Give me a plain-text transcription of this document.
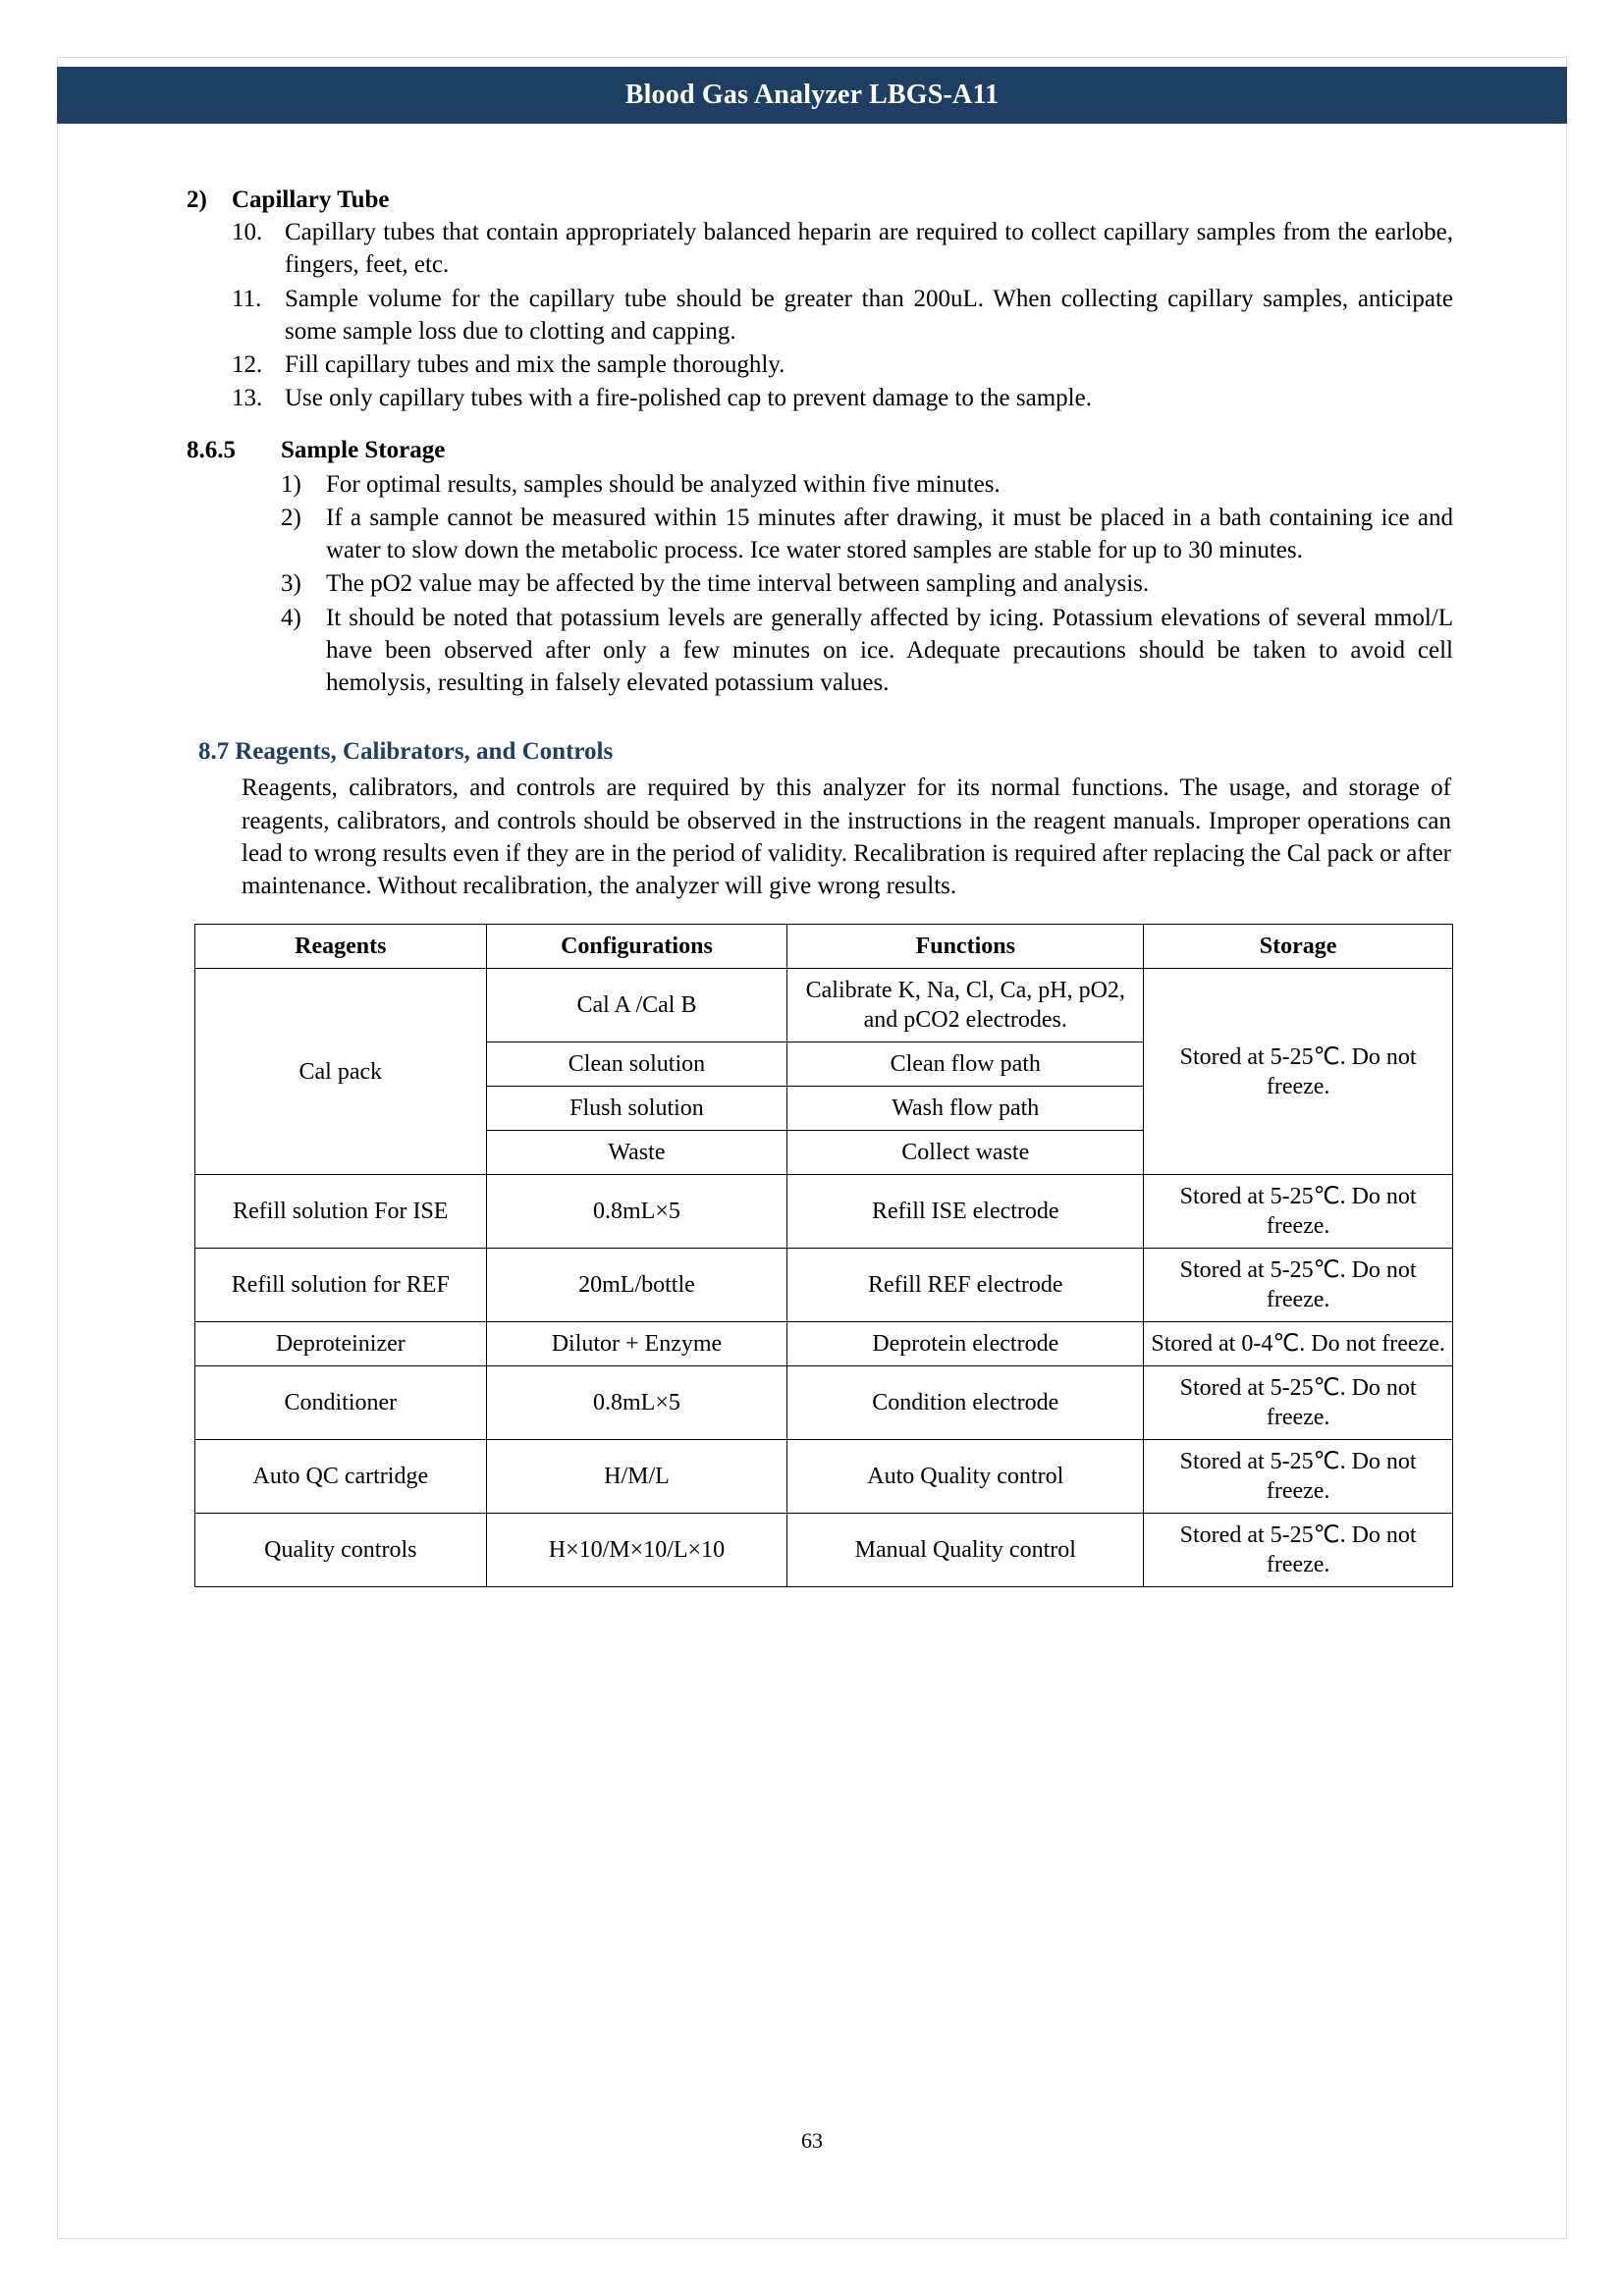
Blood Gas Analyzer LBGS-A11
2)	Capillary Tube
10. Capillary tubes that contain appropriately balanced heparin are required to collect capillary samples from the earlobe, fingers, feet, etc.
11. Sample volume for the capillary tube should be greater than 200uL. When collecting capillary samples, anticipate some sample loss due to clotting and capping.
12. Fill capillary tubes and mix the sample thoroughly.
13. Use only capillary tubes with a fire-polished cap to prevent damage to the sample.
8.6.5	Sample Storage
1)	For optimal results, samples should be analyzed within five minutes.
2)	If a sample cannot be measured within 15 minutes after drawing, it must be placed in a bath containing ice and water to slow down the metabolic process. Ice water stored samples are stable for up to 30 minutes.
3)	The pO2 value may be affected by the time interval between sampling and analysis.
4)	It should be noted that potassium levels are generally affected by icing. Potassium elevations of several mmol/L have been observed after only a few minutes on ice. Adequate precautions should be taken to avoid cell hemolysis, resulting in falsely elevated potassium values.
8.7 Reagents, Calibrators, and Controls
Reagents, calibrators, and controls are required by this analyzer for its normal functions. The usage, and storage of reagents, calibrators, and controls should be observed in the instructions in the reagent manuals. Improper operations can lead to wrong results even if they are in the period of validity. Recalibration is required after replacing the Cal pack or after maintenance. Without recalibration, the analyzer will give wrong results.
Reagents	Configurations	Functions	Storage
Cal pack	Cal A /Cal B	Calibrate K, Na, Cl, Ca, pH, pO2, and pCO2 electrodes.	Stored at 5-25℃. Do not freeze.
	Clean solution	Clean flow path	
	Flush solution	Wash flow path	
	Waste	Collect waste	
Refill solution For ISE	0.8mL×5	Refill ISE electrode	Stored at 5-25℃. Do not freeze.
Refill solution for REF	20mL/bottle	Refill REF electrode	Stored at 5-25℃. Do not freeze.
Deproteinizer	Dilutor + Enzyme	Deprotein electrode	Stored at 0-4℃. Do not freeze.
Conditioner	0.8mL×5	Condition electrode	Stored at 5-25℃. Do not freeze.
Auto QC cartridge	H/M/L	Auto Quality control	Stored at 5-25℃. Do not freeze.
Quality controls	H×10/M×10/L×10	Manual Quality control	Stored at 5-25℃. Do not freeze.
63
